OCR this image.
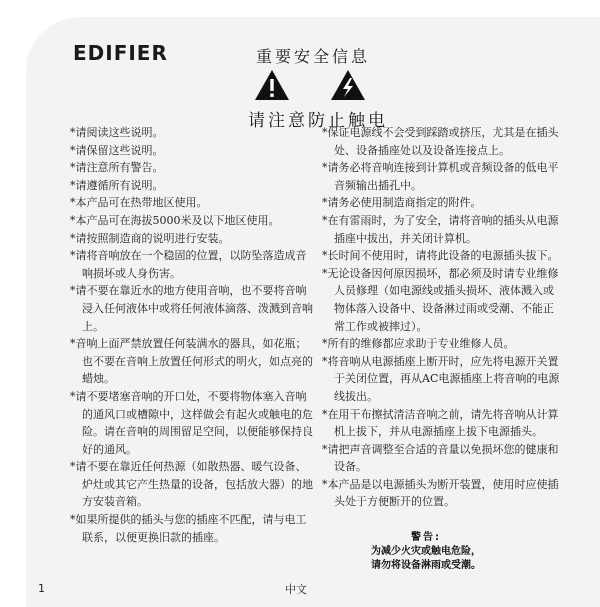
EDIFIER	重要安全信息
请注意防止触电

*请阅读这些说明。

*请保留这些说明。

*请注意所有警告。

*请遵循所有说明。

*本产品可在热带地区使用。

*本产品可在海拔5000米及以下地区使用。

*请按照制造商的说明进行安装。

*请将音响放在一个稳固的位置，以防坠落造成音响损坏或人身伤害。

*请不要在靠近水的地方使用音响，也不要将音响浸入任何液体中或将任何液体滴落、泼溅到音响上。

*音响上面严禁放置任何装满水的器具，如花瓶；也不要在音响上放置任何形式的明火，如点亮的蜡烛。

*请不要堵塞音响的开口处，不要将物体塞入音响的通风口或槽隙中，这样做会有起火或触电的危险。请在音响的周围留足空间，以便能够保持良好的通风。

*请不要在靠近任何热源（如散热器、暖气设备、炉灶或其它产生热量的设备，包括放大器）的地方安装音箱。

*如果所提供的插头与您的插座不匹配，请与电工联系，以便更换旧款的插座。

*保证电源线不会受到踩踏或挤压，尤其是在插头处、设备插座处以及设备连接点上。

*请务必将音响连接到计算机或音频设备的低电平音频输出插孔中。

*请务必使用制造商指定的附件。

*在有雷雨时，为了安全，请将音响的插头从电源插座中拔出，并关闭计算机。

*长时间不使用时，请将此设备的电源插头拔下。

*无论设备因何原因损坏，都必须及时请专业维修人员修理（如电源线或插头损坏、液体溅入或物体落入设备中、设备淋过雨或受潮、不能正常工作或被摔过）。

*所有的维修都应求助于专业维修人员。

*将音响从电源插座上断开时，应先将电源开关置于关闭位置，再从AC电源插座上将音响的电源线拔出。

*在用干布擦拭清洁音响之前，请先将音响从计算机上拔下，并从电源插座上拔下电源插头。

*请把声音调整至合适的音量以免损坏您的健康和设备。

*本产品是以电源插头为断开装置，使用时应使插头处于方便断开的位置。

警告:
为减少火灾或触电危险，
请勿将设备淋雨或受潮。
1	中文
